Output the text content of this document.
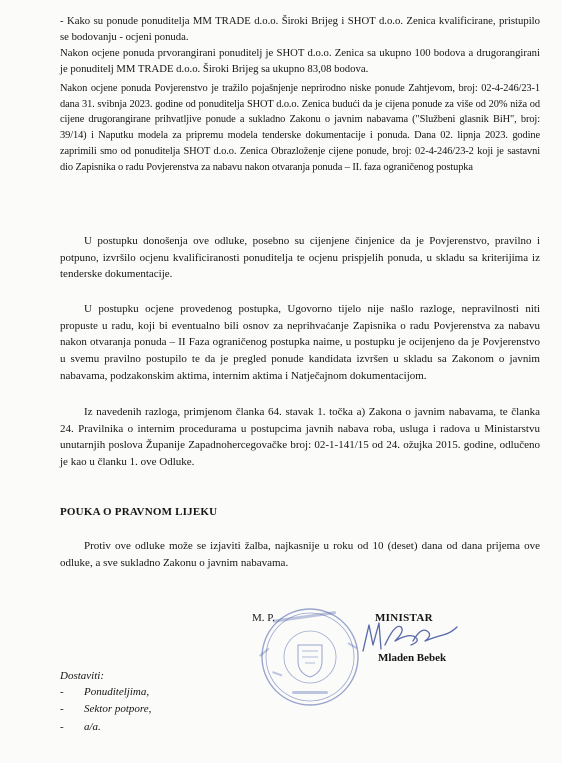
- Kako su ponude ponuditelja MM TRADE d.o.o. Široki Brijeg i SHOT d.o.o. Zenica kvalificirane, pristupilo se bodovanju - ocjeni ponuda.
Nakon ocjene ponuda prvorangirani ponuditelj je SHOT d.o.o. Zenica sa ukupno 100 bodova a drugorangirani je ponuditelj MM TRADE d.o.o. Široki Brijeg sa ukupno 83,08 bodova.
Nakon ocjene ponuda Povjerenstvo je tražilo pojašnjenje neprirodno niske ponude Zahtjevom, broj: 02-4-246/23-1 dana 31. svibnja 2023. godine od ponuditelja SHOT d.o.o. Zenica budući da je cijena ponude za više od 20% niža od cijene drugorangirane prihvatljive ponude a sukladno Zakonu o javnim nabavama ("Službeni glasnik BiH", broj: 39/14) i Naputku modela za pripremu modela tenderske dokumentacije i ponuda. Dana 02. lipnja 2023. godine zaprimili smo od ponuditelja SHOT d.o.o. Zenica Obrazloženje cijene ponude, broj: 02-4-246/23-2 koji je sastavni dio Zapisnika o radu Povjerenstva za nabavu nakon otvaranja ponuda – II. faza ograničenog postupka
U postupku donošenja ove odluke, posebno su cijenjene činjenice da je Povjerenstvo, pravilno i potpuno, izvršilo ocjenu kvalificiranosti ponuditelja te ocjenu prispjelih ponuda, u skladu sa kriterijima iz tenderske dokumentacije.
U postupku ocjene provedenog postupka, Ugovorno tijelo nije našlo razloge, nepravilnosti niti propuste u radu, koji bi eventualno bili osnov za neprihvaćanje Zapisnika o radu Povjerenstva za nabavu nakon otvaranja ponuda – II Faza ograničenog postupka naime, u postupku je ocijenjeno da je Povjerenstvo u svemu pravilno postupilo te da je pregled ponude kandidata izvršen u skladu sa Zakonom o javnim nabavama, podzakonskim aktima, internim aktima i Natječajnom dokumentacijom.
Iz navedenih razloga, primjenom članka 64. stavak 1. točka a) Zakona o javnim nabavama, te članka 24. Pravilnika o internim procedurama u postupcima javnih nabava roba, usluga i radova u Ministarstvu unutarnjih poslova Županije Zapadnohercegovačke broj: 02-1-141/15 od 24. ožujka 2015. godine, odlučeno je kao u članku 1. ove Odluke.
POUKA O PRAVNOM LIJEKU
Protiv ove odluke može se izjaviti žalba, najkasnije u roku od 10 (deset) dana od dana prijema ove odluke, a sve sukladno Zakonu o javnim nabavama.
M. P.	MINISTAR
Mladen Bebek
Dostaviti:
- Ponuditeljima,
- Sektor potpore,
- a/a.
